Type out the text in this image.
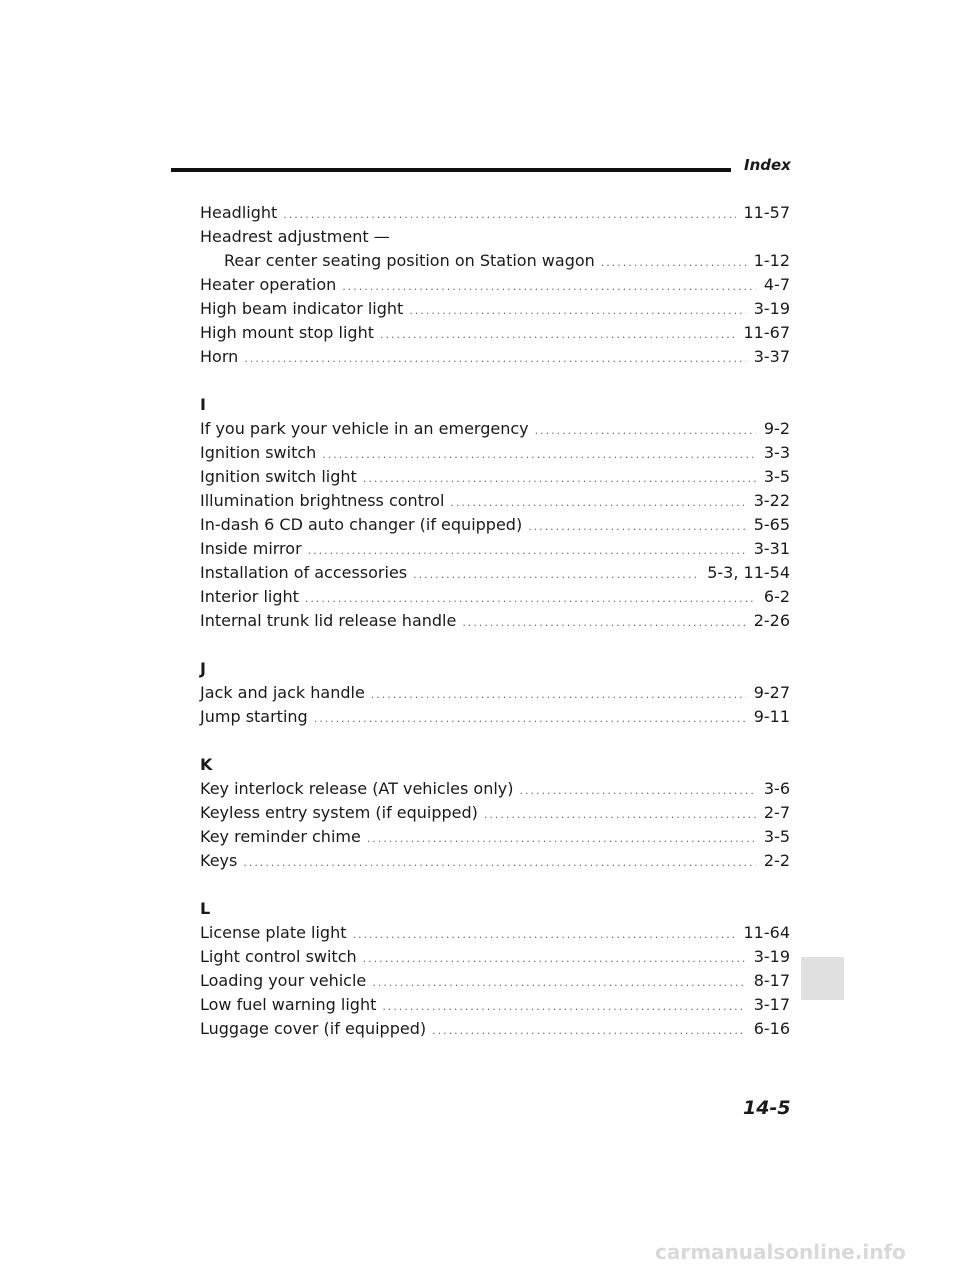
Index
Headlight .....	11-57
Headrest adjustment —
Rear center seating position on Station wagon .....	1-12
Heater operation .....	4-7
High beam indicator light .....	3-19
High mount stop light .....	11-67
Horn .....	3-37
I
If you park your vehicle in an emergency .....	9-2
Ignition switch .....	3-3
Ignition switch light .....	3-5
Illumination brightness control .....	3-22
In-dash 6 CD auto changer (if equipped) .....	5-65
Inside mirror .....	3-31
Installation of accessories .....	5-3, 11-54
Interior light .....	6-2
Internal trunk lid release handle .....	2-26
J
Jack and jack handle .....	9-27
Jump starting .....	9-11
K
Key interlock release (AT vehicles only) .....	3-6
Keyless entry system (if equipped) .....	2-7
Key reminder chime .....	3-5
Keys .....	2-2
L
License plate light .....	11-64
Light control switch .....	3-19
Loading your vehicle .....	8-17
Low fuel warning light .....	3-17
Luggage cover (if equipped) .....	6-16
14-5
carmanualsonline.info
